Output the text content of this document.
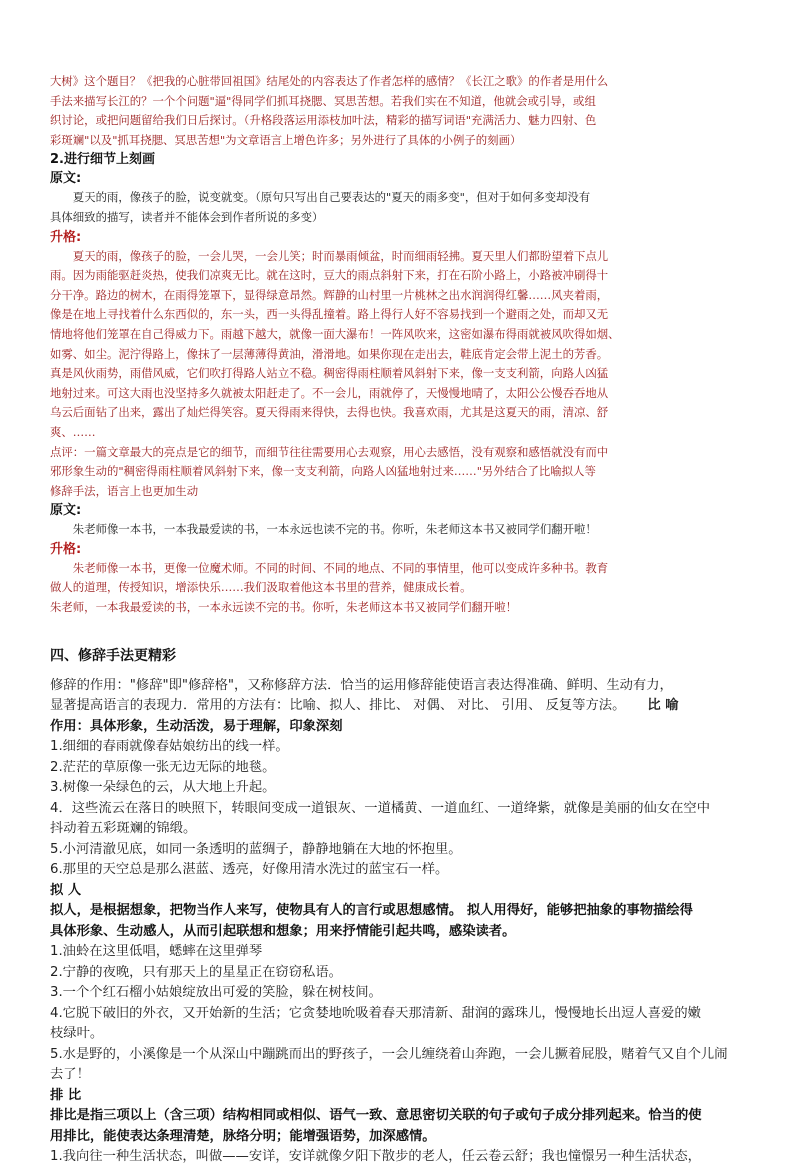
大树》这个题目？《把我的心脏带回祖国》结尾处的内容表达了作者怎样的感情？《长江之歌》的作者是用什么

手法来描写长江的？一个个问题"逼"得同学们抓耳挠腮、冥思苦想。若我们实在不知道，他就会或引导，或组

织讨论，或把问题留给我们日后探讨。（升格段落运用添枝加叶法，精彩的描写词语"充满活力、魅力四射、色

彩斑斓"以及"抓耳挠腮、冥思苦想"为文章语言上增色许多；另外进行了具体的小例子的刻画）

2.进行细节上刻画

原文:

夏天的雨，像孩子的脸，说变就变。（原句只写出自己要表达的"夏天的雨多变"，但对于如何多变却没有

具体细致的描写，读者并不能体会到作者所说的多变）

升格:

夏天的雨，像孩子的脸，一会儿哭，一会儿笑；时而暴雨倾盆，时而细雨轻拂。夏天里人们都盼望着下点儿

雨。因为雨能驱赶炎热，使我们凉爽无比。就在这时，豆大的雨点斜射下来，打在石阶小路上，小路被冲刷得十

分干净。路边的树木，在雨得笼罩下，显得绿意昂然。辉静的山村里一片桃林之出水润润得红馨……风夹着雨，

像是在地上寻找着什么东西似的，东一头，西一头得乱撞着。路上得行人好不容易找到一个避雨之处，而却又无

情地将他们笼罩在自己得威力下。雨越下越大，就像一面大瀑布！一阵风吹来，这密如瀑布得雨就被风吹得如烟、

如雾、如尘。泥泞得路上，像抹了一层薄薄得黄油，滑滑地。如果你现在走出去，鞋底肯定会带上泥土的芳香。

真是风伙雨势，雨借风威，它们吹打得路人站立不稳。稠密得雨柱顺着风斜射下来，像一支支利箭，向路人凶猛

地射过来。可这大雨也没坚持多久就被太阳赶走了。不一会儿，雨就停了，天慢慢地晴了，太阳公公慢吞吞地从

乌云后面钻了出来，露出了灿烂得笑容。夏天得雨来得快，去得也快。我喜欢雨，尤其是这夏天的雨，清凉、舒

爽、……

点评：一篇文章最大的亮点是它的细节，而细节往往需要用心去观察，用心去感悟，没有观察和感悟就没有而中

邪形象生动的"稠密得雨柱顺着风斜射下来，像一支支利箭，向路人凶猛地射过来……"另外结合了比喻拟人等

修辞手法，语言上也更加生动

原文:

朱老师像一本书，一本我最爱读的书，一本永远也读不完的书。你听，朱老师这本书又被同学们翻开啦！

升格:

朱老师像一本书，更像一位魔术师。不同的时间、不同的地点、不同的事情里，他可以变成许多种书。教育

做人的道理，传授知识，增添快乐……我们汲取着他这本书里的营养，健康成长着。

朱老师，一本我最爱读的书，一本永远读不完的书。你听，朱老师这本书又被同学们翻开啦！

四、修辞手法更精彩

修辞的作用："修辞"即"修辞格"，又称修辞方法．恰当的运用修辞能使语言表达得准确、鲜明、生动有力，

显著提高语言的表现力．常用的方法有：比喻、拟人、排比、 对偶、 对比、 引用、 反复等方法。 比 喻

作用：具体形象，生动活泼，易于理解，印象深刻

1.细细的春雨就像春姑娘纺出的线一样。

2.茫茫的草原像一张无边无际的地毯。

3.树像一朵绿色的云，从大地上升起。

4．这些流云在落日的映照下，转眼间变成一道银灰、一道橘黄、一道血红、一道绛紫，就像是美丽的仙女在空中

抖动着五彩斑斓的锦缎。

5.小河清澈见底，如同一条透明的蓝绸子，静静地躺在大地的怀抱里。

6.那里的天空总是那么湛蓝、透亮，好像用清水洗过的蓝宝石一样。

拟 人

拟人，是根据想象，把物当作人来写，使物具有人的言行或思想感情。 拟人用得好，能够把抽象的事物描绘得

具体形象、生动感人，从而引起联想和想象；用来抒情能引起共鸣，感染读者。

1.油蛉在这里低唱，蟋蟀在这里弹琴

2.宁静的夜晚，只有那天上的星星正在窃窃私语。

3.一个个红石榴小姑娘绽放出可爱的笑脸，躲在树枝间。

4.它脱下破旧的外衣，又开始新的生活；它贪婪地吮吸着春天那清新、甜润的露珠儿，慢慢地长出逗人喜爱的嫩

枝绿叶。

5.水是野的，小溪像是一个从深山中蹦跳而出的野孩子，一会儿缠绕着山奔跑，一会儿撅着屁股，赌着气又自个儿闹

去了！

排 比

排比是指三项以上（含三项）结构相同或相似、语气一致、意思密切关联的句子或句子成分排列起来。恰当的使

用排比，能使表达条理清楚，脉络分明；能增强语势，加深感情。

1.我向往一种生活状态，叫做——安详，安详就像夕阳下散步的老人，任云卷云舒；我也憧憬另一种生活状态，
